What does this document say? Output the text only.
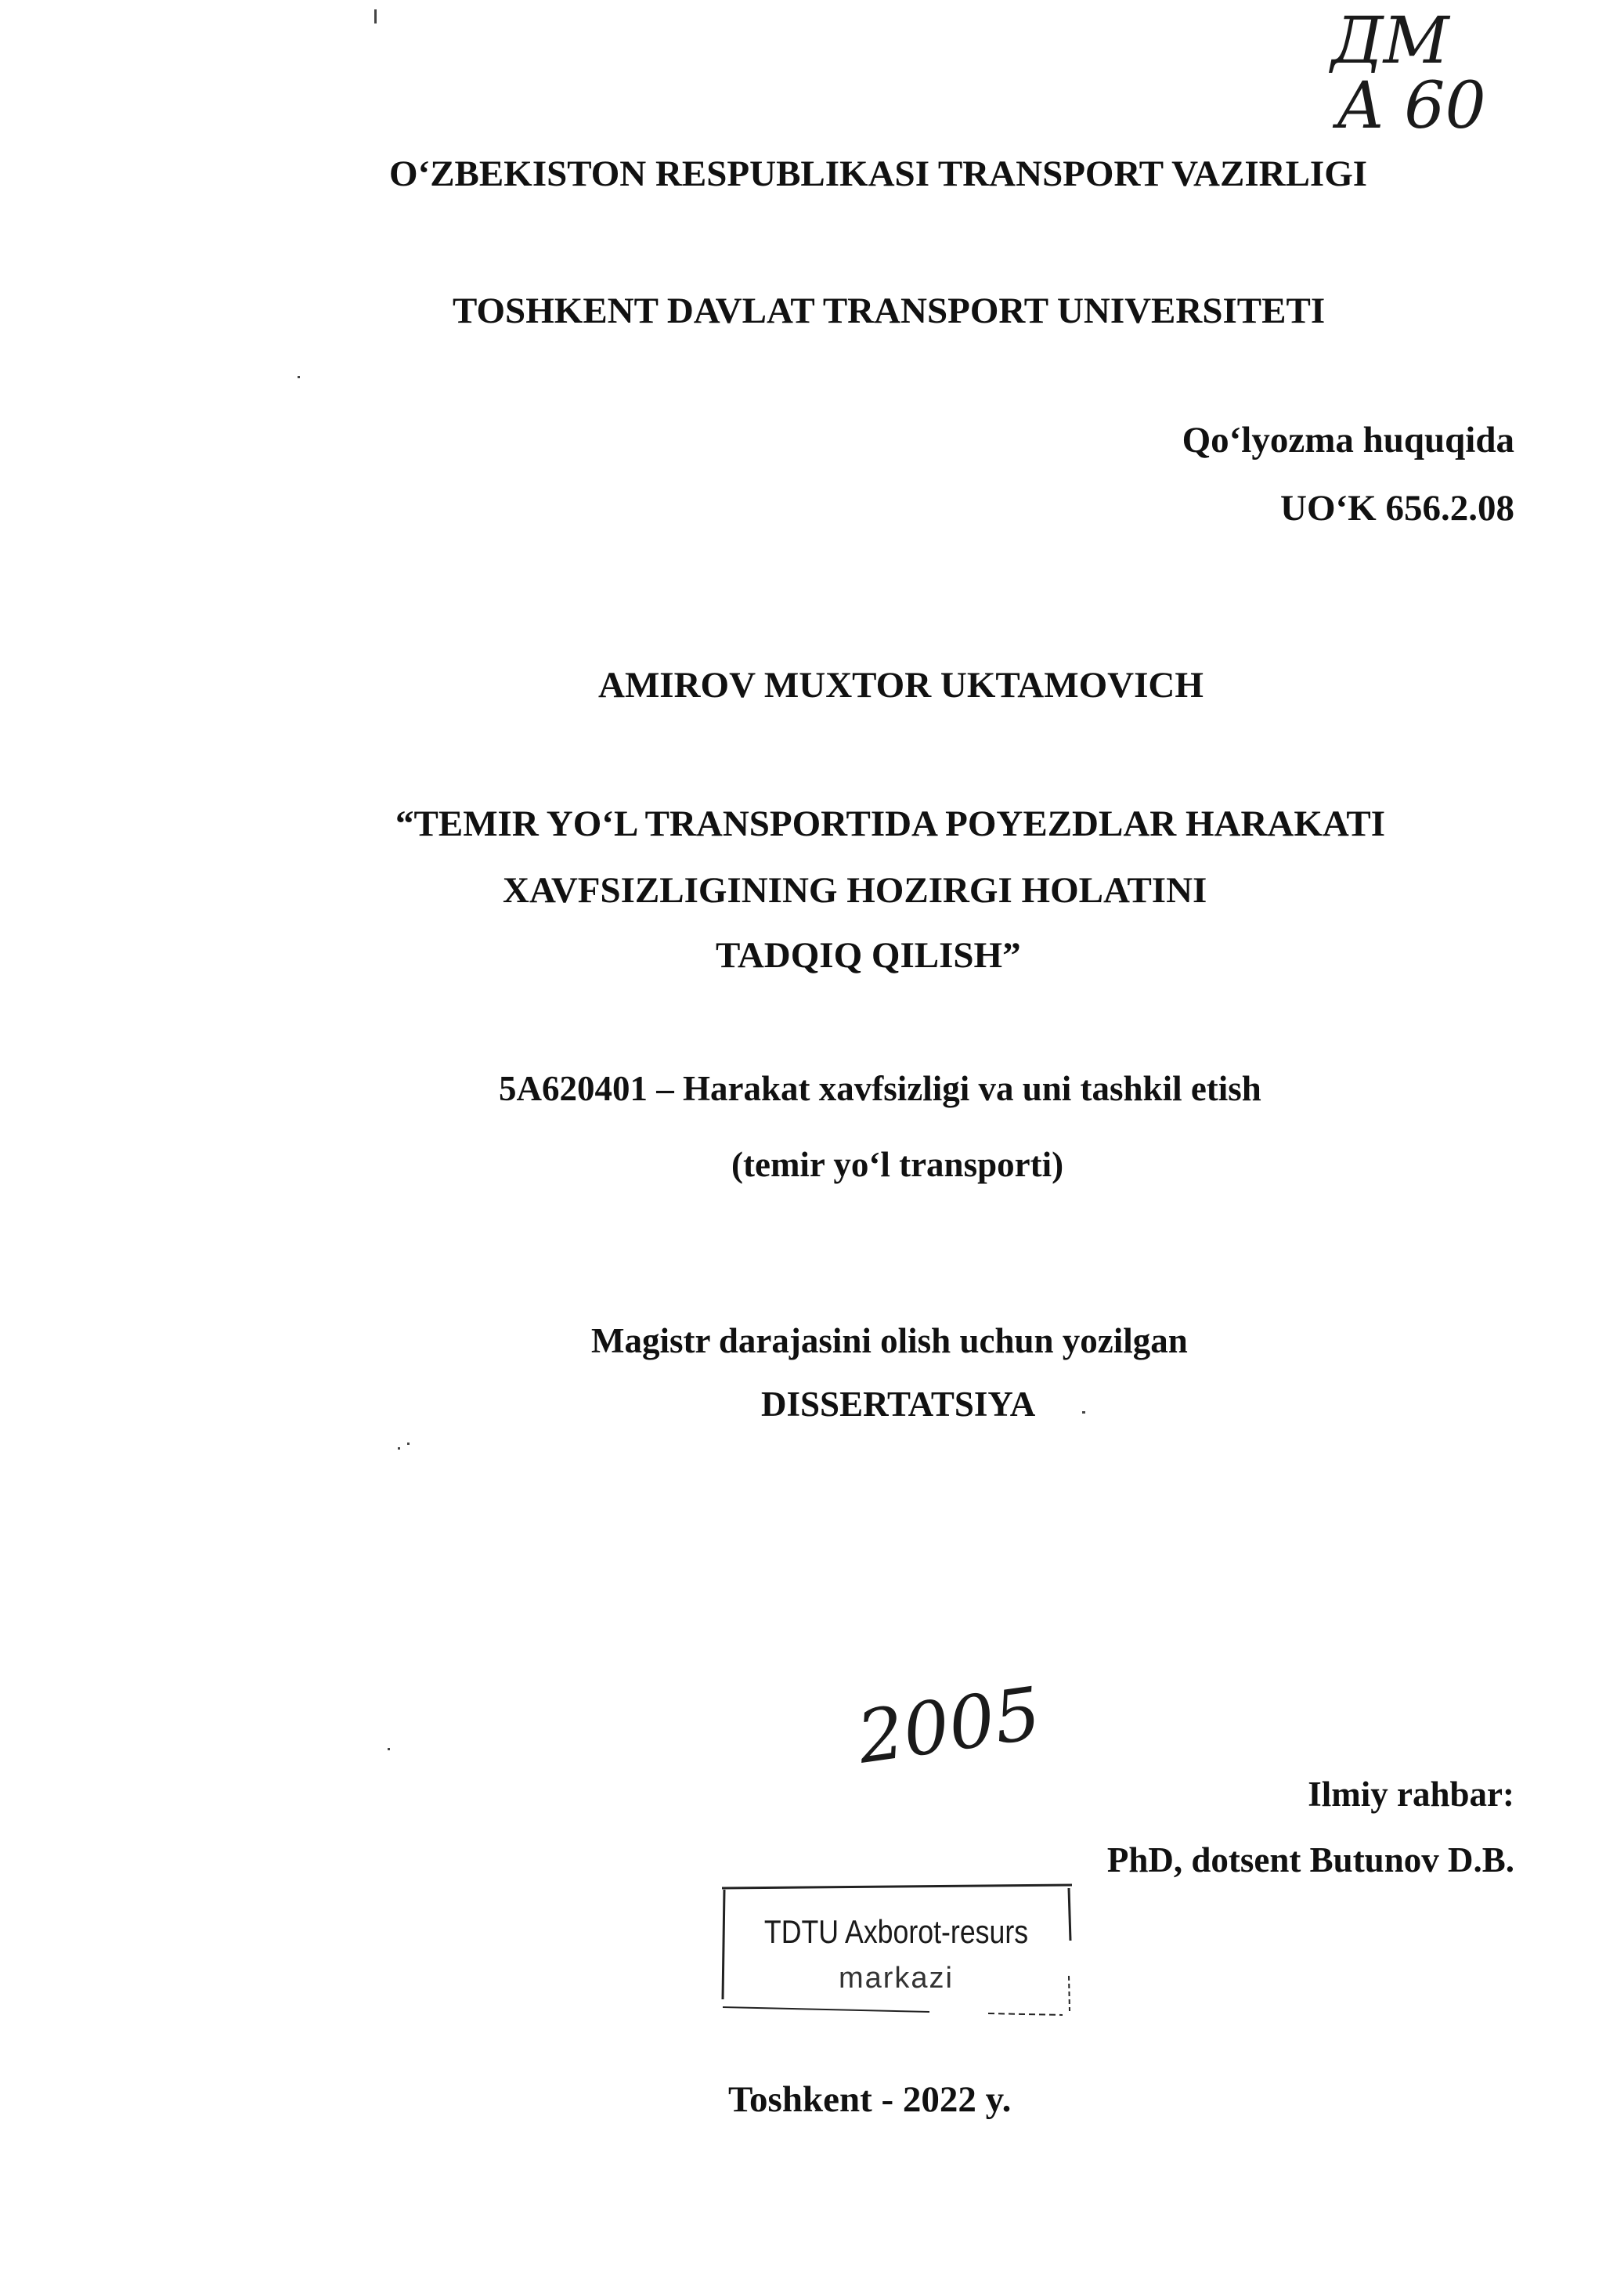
ДМ
A 60
O‘ZBEKISTON RESPUBLIKASI TRANSPORT VAZIRLIGI
TOSHKENT DAVLAT TRANSPORT UNIVERSITETI
Qo‘lyozma huquqida
UO‘K 656.2.08
AMIROV MUXTOR UKTAMOVICH
“TEMIR YO‘L TRANSPORTIDA POYEZDLAR HARAKATI
XAVFSIZLIGINING HOZIRGI HOLATINI
TADQIQ QILISH”
5A620401 – Harakat xavfsizligi va uni tashkil etish
(temir yo‘l transporti)
Magistr darajasini olish uchun yozilgan
DISSERTATSIYA
2005
Ilmiy rahbar:
PhD, dotsent Butunov D.B.
TDTU Axborot-resurs
markazi
Toshkent - 2022 y.
